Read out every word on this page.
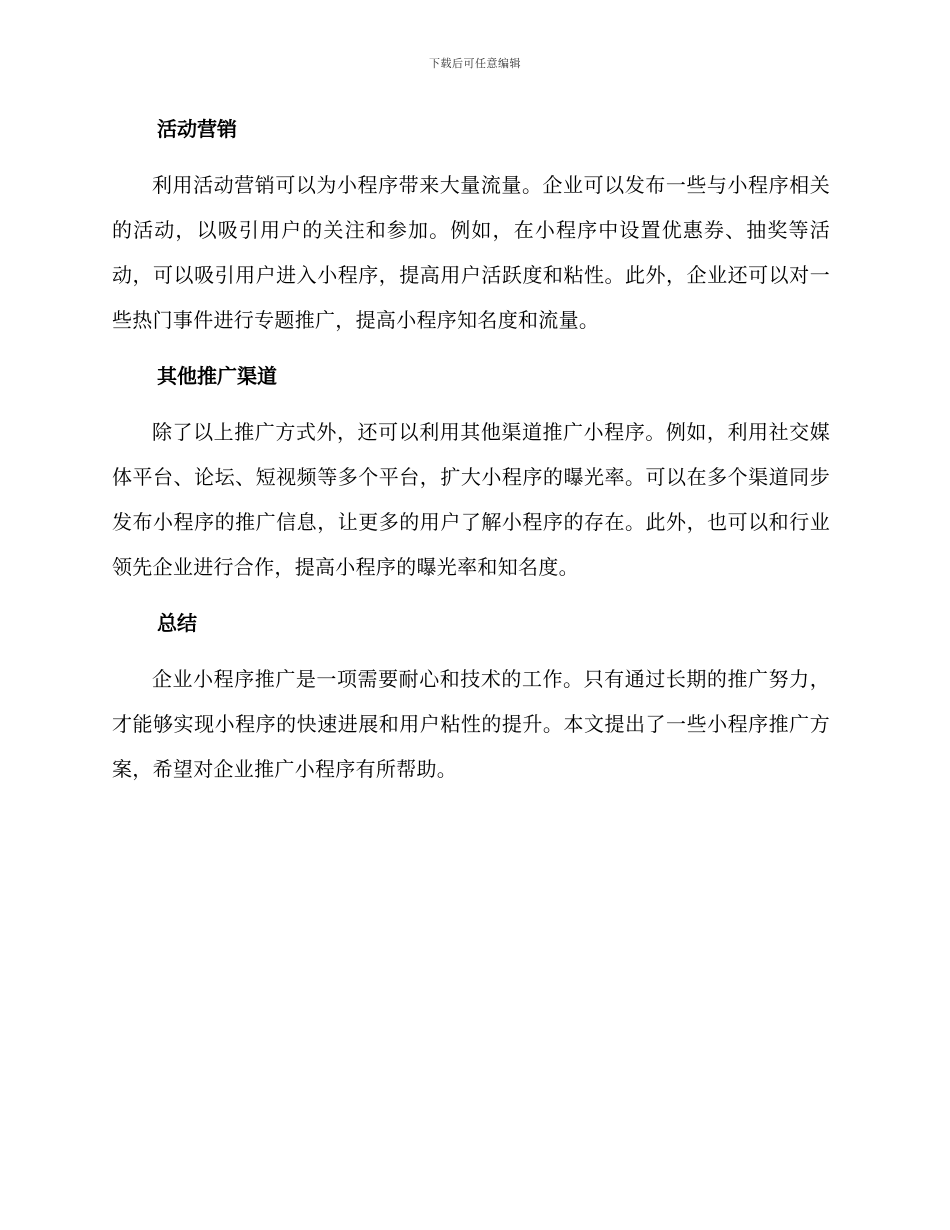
下载后可任意编辑
活动营销

利用活动营销可以为小程序带来大量流量。企业可以发布一些与小程序相关的活动，以吸引用户的关注和参加。例如，在小程序中设置优惠券、抽奖等活动，可以吸引用户进入小程序，提高用户活跃度和粘性。此外，企业还可以对一些热门事件进行专题推广，提高小程序知名度和流量。

其他推广渠道

除了以上推广方式外，还可以利用其他渠道推广小程序。例如，利用社交媒体平台、论坛、短视频等多个平台，扩大小程序的曝光率。可以在多个渠道同步发布小程序的推广信息，让更多的用户了解小程序的存在。此外，也可以和行业领先企业进行合作，提高小程序的曝光率和知名度。

总结

企业小程序推广是一项需要耐心和技术的工作。只有通过长期的推广努力，才能够实现小程序的快速进展和用户粘性的提升。本文提出了一些小程序推广方案，希望对企业推广小程序有所帮助。
